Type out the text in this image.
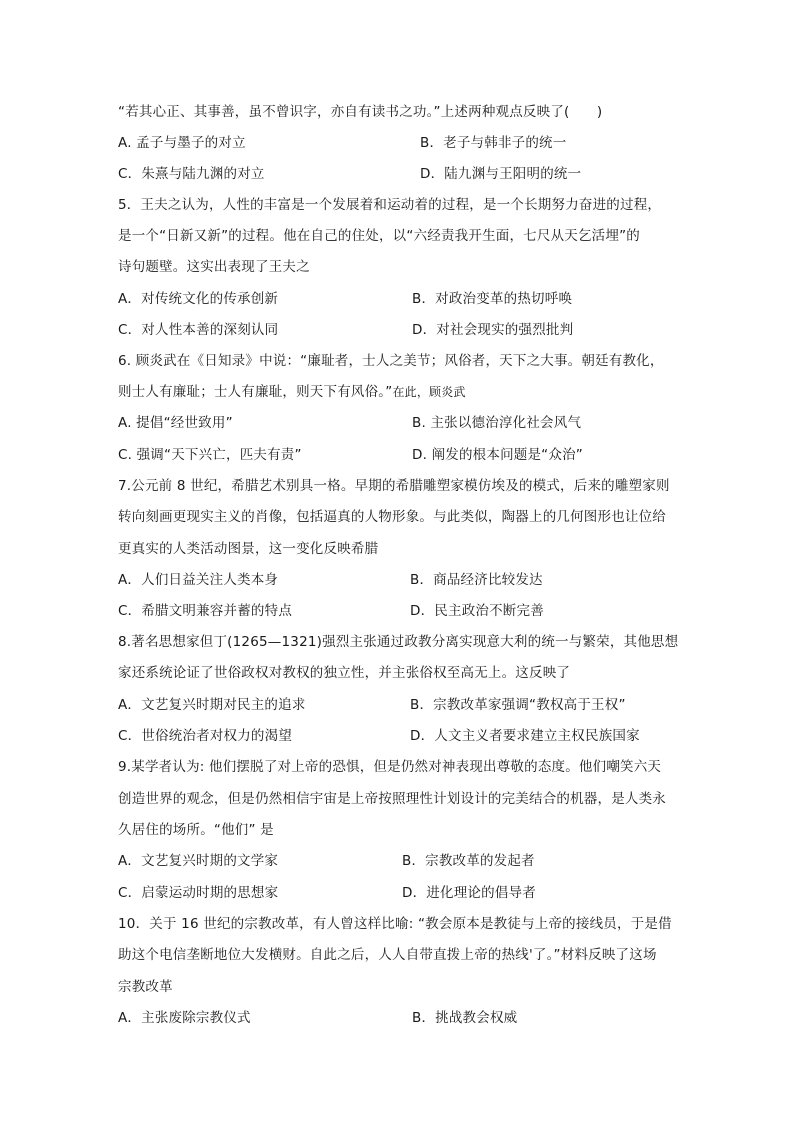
“若其心正、其事善，虽不曾识字，亦自有读书之功。”上述两种观点反映了(　　)
A. 孟子与墨子的对立	B．老子与韩非子的统一
C．朱熹与陆九渊的对立	D．陆九渊与王阳明的统一
5．王夫之认为，人性的丰富是一个发展着和运动着的过程，是一个长期努力奋进的过程，
是一个“日新又新”的过程。他在自己的住处，以“六经责我开生面，七尺从天乞活埋”的
诗句题壁。这实出表现了王夫之
A．对传统文化的传承创新	B．对政治变革的热切呼唤
C．对人性本善的深刻认同	D．对社会现实的强烈批判
6. 顾炎武在《日知录》中说：“廉耻者，士人之美节；风俗者，天下之大事。朝廷有教化，
则士人有廉耻；士人有廉耻，则天下有风俗。”在此，顾炎武
A. 提倡“经世致用”	B. 主张以德治淳化社会风气
C. 强调“天下兴亡，匹夫有责”	D. 阐发的根本问题是“众治”
7.公元前 8 世纪，希腊艺术别具一格。早期的希腊雕塑家模仿埃及的模式，后来的雕塑家则
转向刻画更现实主义的肖像，包括逼真的人物形象。与此类似，陶器上的几何图形也让位给
更真实的人类活动图景，这一变化反映希腊
A．人们日益关注人类本身	B．商品经济比较发达
C．希腊文明兼容并蓄的特点	D．民主政治不断完善
8.著名思想家但丁(1265—1321)强烈主张通过政教分离实现意大利的统一与繁荣，其他思想
家还系统论证了世俗政权对教权的独立性，并主张俗权至高无上。这反映了
A．文艺复兴时期对民主的追求	B．宗教改革家强调“教权高于王权”
C．世俗统治者对权力的渴望	D．人文主义者要求建立主权民族国家
9.某学者认为: 他们摆脱了对上帝的恐惧，但是仍然对神表现出尊敬的态度。他们嘲笑六天
创造世界的观念，但是仍然相信宇宙是上帝按照理性计划设计的完美结合的机器，是人类永
久居住的场所。“他们” 是
A．文艺复兴时期的文学家	B．宗教改革的发起者
C．启蒙运动时期的思想家	D．进化理论的倡导者
10．关于 16 世纪的宗教改革，有人曾这样比喻: “教会原本是教徒与上帝的接线员，于是借
助这个电信垄断地位大发横财。自此之后，人人自带直拨上帝的热线'了。”材料反映了这场
宗教改革
A．主张废除宗教仪式	B．挑战教会权威
